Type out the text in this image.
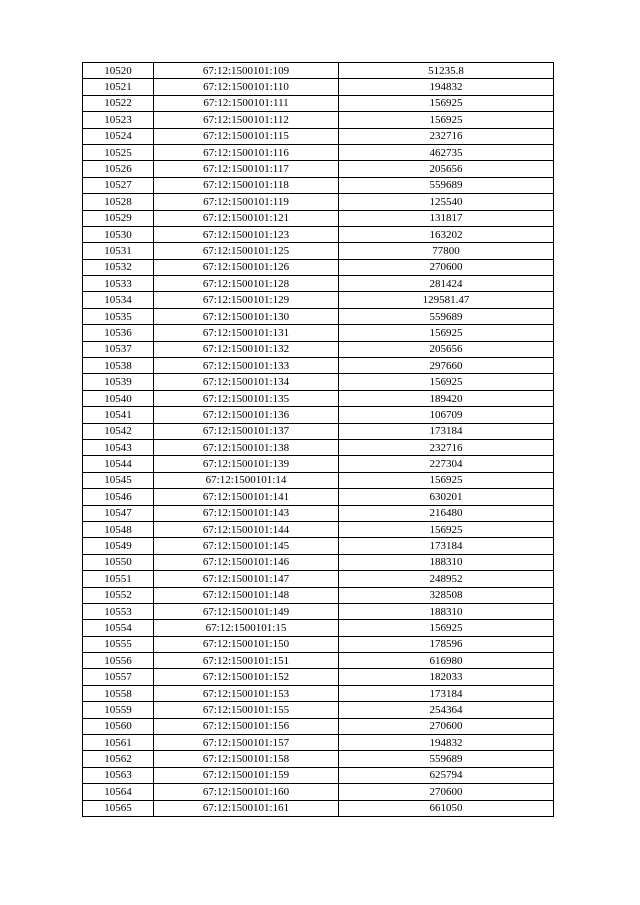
10520	67:12:1500101:109	51235.8
10521	67:12:1500101:110	194832
10522	67:12:1500101:111	156925
10523	67:12:1500101:112	156925
10524	67:12:1500101:115	232716
10525	67:12:1500101:116	462735
10526	67:12:1500101:117	205656
10527	67:12:1500101:118	559689
10528	67:12:1500101:119	125540
10529	67:12:1500101:121	131817
10530	67:12:1500101:123	163202
10531	67:12:1500101:125	77800
10532	67:12:1500101:126	270600
10533	67:12:1500101:128	281424
10534	67:12:1500101:129	129581.47
10535	67:12:1500101:130	559689
10536	67:12:1500101:131	156925
10537	67:12:1500101:132	205656
10538	67:12:1500101:133	297660
10539	67:12:1500101:134	156925
10540	67:12:1500101:135	189420
10541	67:12:1500101:136	106709
10542	67:12:1500101:137	173184
10543	67:12:1500101:138	232716
10544	67:12:1500101:139	227304
10545	67:12:1500101:14	156925
10546	67:12:1500101:141	630201
10547	67:12:1500101:143	216480
10548	67:12:1500101:144	156925
10549	67:12:1500101:145	173184
10550	67:12:1500101:146	188310
10551	67:12:1500101:147	248952
10552	67:12:1500101:148	328508
10553	67:12:1500101:149	188310
10554	67:12:1500101:15	156925
10555	67:12:1500101:150	178596
10556	67:12:1500101:151	616980
10557	67:12:1500101:152	182033
10558	67:12:1500101:153	173184
10559	67:12:1500101:155	254364
10560	67:12:1500101:156	270600
10561	67:12:1500101:157	194832
10562	67:12:1500101:158	559689
10563	67:12:1500101:159	625794
10564	67:12:1500101:160	270600
10565	67:12:1500101:161	661050
